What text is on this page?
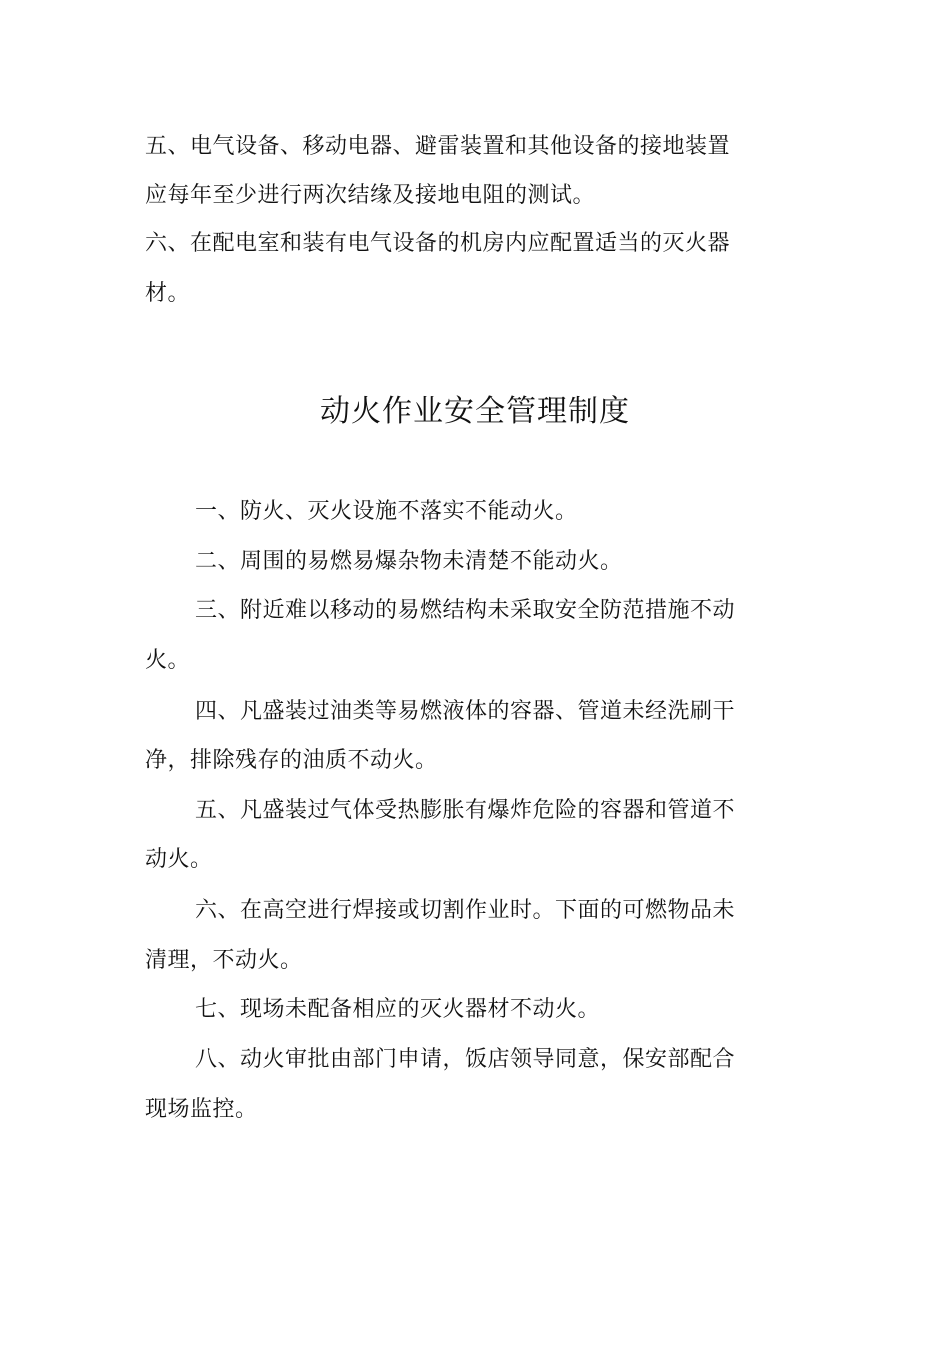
五、电气设备、移动电器、避雷装置和其他设备的接地装置
应每年至少进行两次结缘及接地电阻的测试。
六、在配电室和装有电气设备的机房内应配置适当的灭火器
材。
动火作业安全管理制度
一、防火、灭火设施不落实不能动火。
二、周围的易燃易爆杂物未清楚不能动火。
三、附近难以移动的易燃结构未采取安全防范措施不动
火。
四、凡盛装过油类等易燃液体的容器、管道未经洗刷干
净，排除残存的油质不动火。
五、凡盛装过气体受热膨胀有爆炸危险的容器和管道不
动火。
六、在高空进行焊接或切割作业时。下面的可燃物品未
清理，不动火。
七、现场未配备相应的灭火器材不动火。
八、动火审批由部门申请，饭店领导同意，保安部配合
现场监控。
